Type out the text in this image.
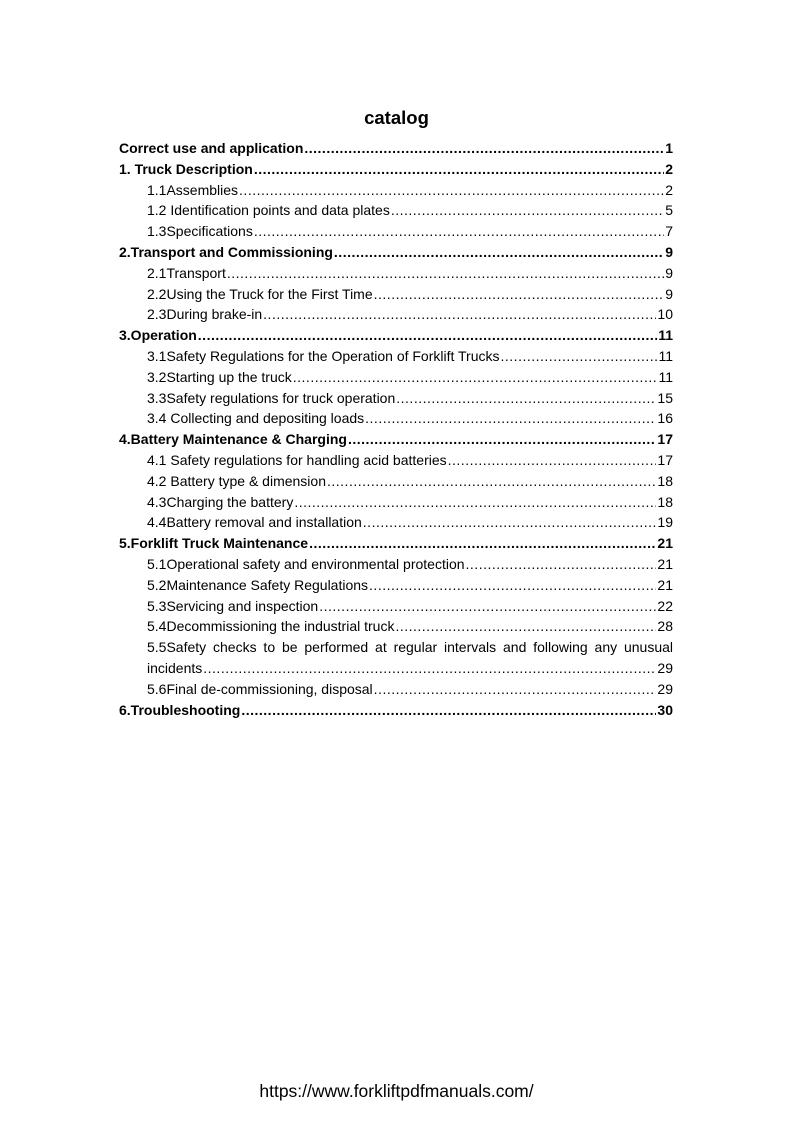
catalog
Correct use and application .....	1
1. Truck Description .....	2
1.1Assemblies .....	2
1.2 Identification points and data plates .....	5
1.3Specifications .....	7
2.Transport and Commissioning .....	9
2.1Transport .....	9
2.2Using the Truck for the First Time .....	9
2.3During brake-in .....	10
3.Operation .....	11
3.1Safety Regulations for the Operation of Forklift Trucks .....	11
3.2Starting up the truck .....	11
3.3Safety regulations for truck operation .....	15
3.4 Collecting and depositing loads .....	16
4.Battery Maintenance & Charging .....	17
4.1 Safety regulations for handling acid batteries .....	17
4.2 Battery type & dimension .....	18
4.3Charging the battery .....	18
4.4Battery removal and installation .....	19
5.Forklift Truck Maintenance .....	21
5.1Operational safety and environmental protection .....	21
5.2Maintenance Safety Regulations .....	21
5.3Servicing and inspection .....	22
5.4Decommissioning the industrial truck .....	28
5.5Safety checks to be performed at regular intervals and following any unusual
incidents .....	29
5.6Final de-commissioning, disposal .....	29
6.Troubleshooting .....	30
https://www.forkliftpdfmanuals.com/
